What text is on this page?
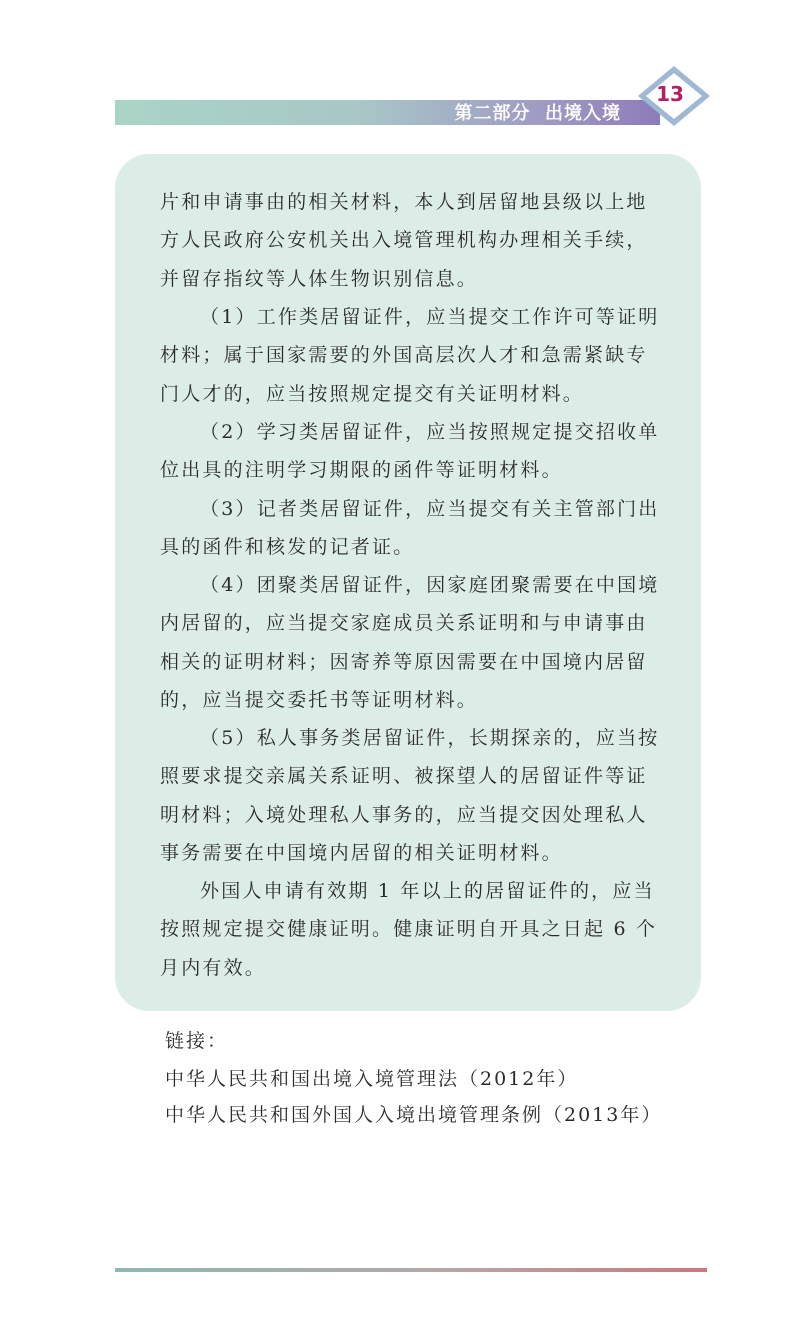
第二部分  出境入境
13

片和申请事由的相关材料，本人到居留地县级以上地方人民政府公安机关出入境管理机构办理相关手续，并留存指纹等人体生物识别信息。

（1）工作类居留证件，应当提交工作许可等证明材料；属于国家需要的外国高层次人才和急需紧缺专门人才的，应当按照规定提交有关证明材料。

（2）学习类居留证件，应当按照规定提交招收单位出具的注明学习期限的函件等证明材料。

（3）记者类居留证件，应当提交有关主管部门出具的函件和核发的记者证。

（4）团聚类居留证件，因家庭团聚需要在中国境内居留的，应当提交家庭成员关系证明和与申请事由相关的证明材料；因寄养等原因需要在中国境内居留的，应当提交委托书等证明材料。

（5）私人事务类居留证件，长期探亲的，应当按照要求提交亲属关系证明、被探望人的居留证件等证明材料；入境处理私人事务的，应当提交因处理私人事务需要在中国境内居留的相关证明材料。

外国人申请有效期 1 年以上的居留证件的，应当按照规定提交健康证明。健康证明自开具之日起 6 个月内有效。

链接：
中华人民共和国出境入境管理法（2012年）
中华人民共和国外国人入境出境管理条例（2013年）
